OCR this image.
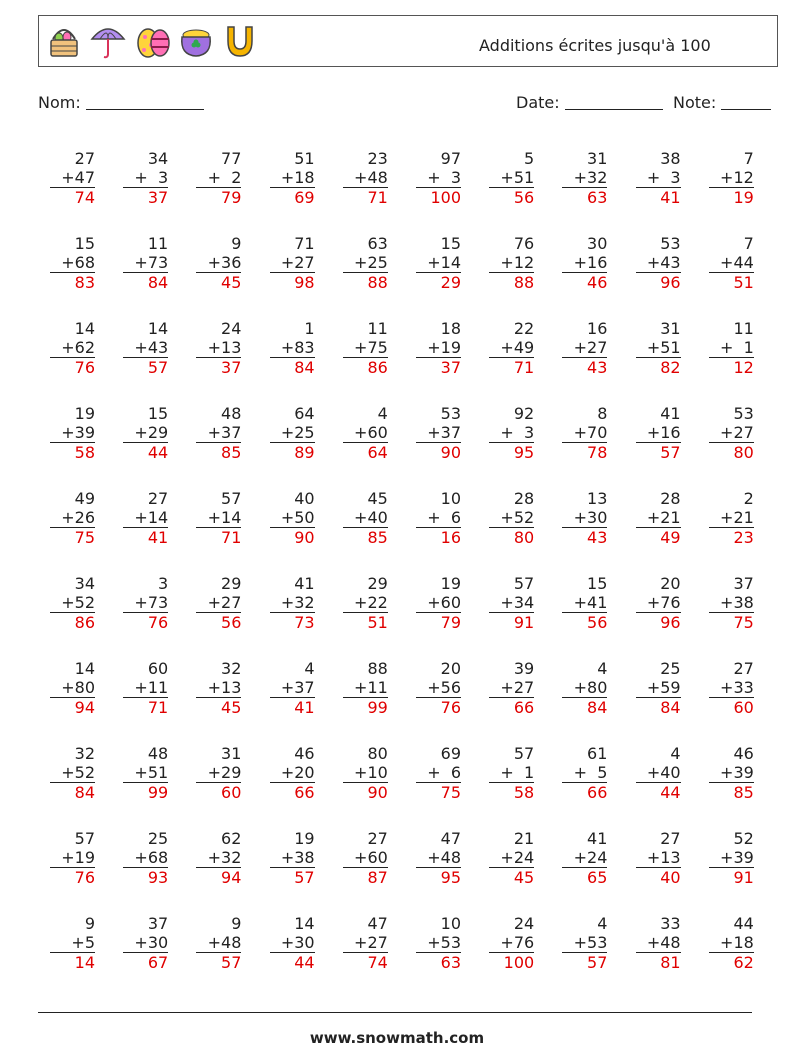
Additions écrites jusqu'à 100
Nom:	Date:	Note:
27
+47
74
34
+  3
37
77
+  2
79
51
+18
69
23
+48
71
97
+  3
100
5
+51
56
31
+32
63
38
+  3
41
7
+12
19
15
+68
83
11
+73
84
9
+36
45
71
+27
98
63
+25
88
15
+14
29
76
+12
88
30
+16
46
53
+43
96
7
+44
51
14
+62
76
14
+43
57
24
+13
37
1
+83
84
11
+75
86
18
+19
37
22
+49
71
16
+27
43
31
+51
82
11
+  1
12
19
+39
58
15
+29
44
48
+37
85
64
+25
89
4
+60
64
53
+37
90
92
+  3
95
8
+70
78
41
+16
57
53
+27
80
49
+26
75
27
+14
41
57
+14
71
40
+50
90
45
+40
85
10
+  6
16
28
+52
80
13
+30
43
28
+21
49
2
+21
23
34
+52
86
3
+73
76
29
+27
56
41
+32
73
29
+22
51
19
+60
79
57
+34
91
15
+41
56
20
+76
96
37
+38
75
14
+80
94
60
+11
71
32
+13
45
4
+37
41
88
+11
99
20
+56
76
39
+27
66
4
+80
84
25
+59
84
27
+33
60
32
+52
84
48
+51
99
31
+29
60
46
+20
66
80
+10
90
69
+  6
75
57
+  1
58
61
+  5
66
4
+40
44
46
+39
85
57
+19
76
25
+68
93
62
+32
94
19
+38
57
27
+60
87
47
+48
95
21
+24
45
41
+24
65
27
+13
40
52
+39
91
9
+5
14
37
+30
67
9
+48
57
14
+30
44
47
+27
74
10
+53
63
24
+76
100
4
+53
57
33
+48
81
44
+18
62
www.snowmath.com
